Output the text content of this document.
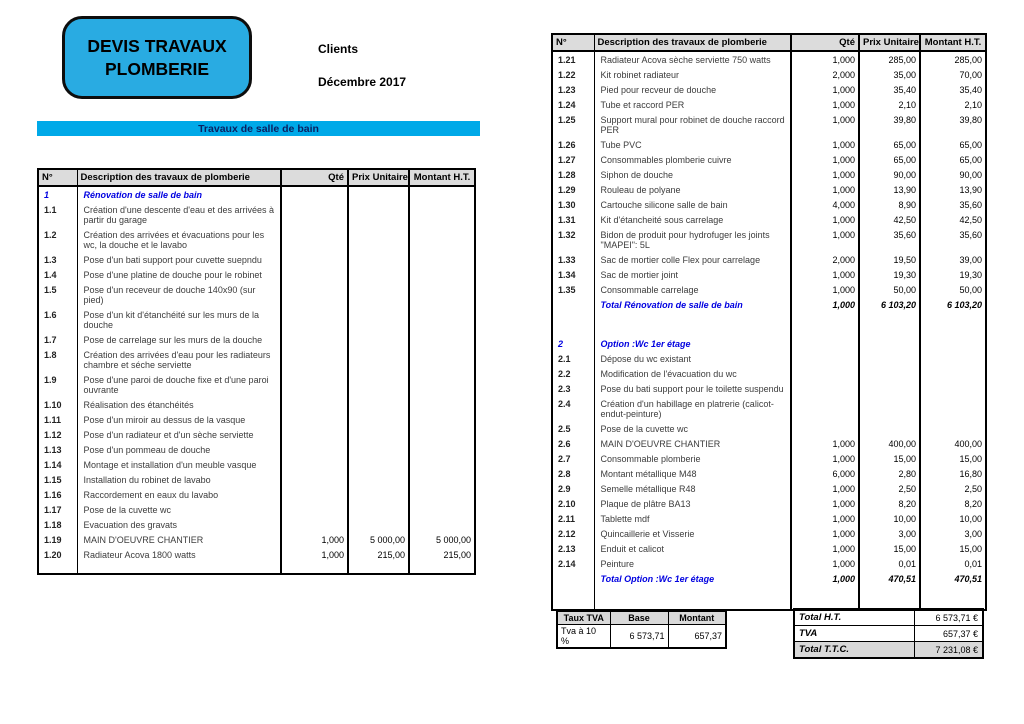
DEVIS TRAVAUX
PLOMBERIE
Clients
Décembre 2017
Travaux de salle de bain
N°	Description des travaux de plomberie	Qté	Prix Unitaire	Montant H.T.
1	Rénovation de salle de bain			
1.1	Création d'une descente d'eau et des arrivées à partir du garage			
1.2	Création des arrivées et évacuations pour les wc, la douche et le lavabo			
1.3	Pose d'un bati support pour cuvette suepndu			
1.4	Pose d'une platine de douche pour le robinet			
1.5	Pose d'un receveur de douche 140x90 (sur pied)			
1.6	Pose d'un kit d'étanchéité sur les murs de la douche			
1.7	Pose de carrelage sur les murs de la douche			
1.8	Création des arrivées d'eau pour les radiateurs chambre et séche serviette			
1.9	Pose d'une paroi de douche fixe et d'une paroi ouvrante			
1.10	Réalisation des étanchéités			
1.11	Pose d'un miroir au dessus de la vasque			
1.12	Pose d'un radiateur et d'un sèche serviette			
1.13	Pose d'un pommeau de douche			
1.14	Montage et installation d'un meuble vasque			
1.15	Installation du robinet de lavabo			
1.16	Raccordement en eaux du lavabo			
1.17	Pose de la cuvette wc			
1.18	Evacuation des gravats			
1.19	MAIN D'OEUVRE CHANTIER	1,000	5 000,00	5 000,00
1.20	Radiateur Acova 1800 watts	1,000	215,00	215,00

N°	Description des travaux de plomberie	Qté	Prix Unitaire	Montant H.T.
1.21	Radiateur Acova sèche serviette 750 watts	1,000	285,00	285,00
1.22	Kit robinet radiateur	2,000	35,00	70,00
1.23	Pied pour recveur de douche	1,000	35,40	35,40
1.24	Tube et raccord PER	1,000	2,10	2,10
1.25	Support mural pour robinet de douche raccord PER	1,000	39,80	39,80
1.26	Tube PVC	1,000	65,00	65,00
1.27	Consommables plomberie cuivre	1,000	65,00	65,00
1.28	Siphon de douche	1,000	90,00	90,00
1.29	Rouleau de polyane	1,000	13,90	13,90
1.30	Cartouche silicone salle de bain	4,000	8,90	35,60
1.31	Kit d'étancheité sous carrelage	1,000	42,50	42,50
1.32	Bidon de produit pour hydrofuger les joints "MAPEI": 5L	1,000	35,60	35,60
1.33	Sac de mortier colle Flex pour carrelage	2,000	19,50	39,00
1.34	Sac de mortier joint	1,000	19,30	19,30
1.35	Consommable carrelage	1,000	50,00	50,00
	Total Rénovation de salle de bain	1,000	6 103,20	6 103,20

2	Option :Wc 1er étage			
2.1	Dépose du wc existant			
2.2	Modification de l'évacuation du wc			
2.3	Pose du bati support pour le toilette suspendu			
2.4	Création d'un habillage en platrerie (calicot- endut-peinture)			
2.5	Pose de la cuvette wc			
2.6	MAIN D'OEUVRE CHANTIER	1,000	400,00	400,00
2.7	Consommable plomberie	1,000	15,00	15,00
2.8	Montant métallique M48	6,000	2,80	16,80
2.9	Semelle métallique R48	1,000	2,50	2,50
2.10	Plaque de plâtre BA13	1,000	8,20	8,20
2.11	Tablette mdf	1,000	10,00	10,00
2.12	Quincaillerie et Visserie	1,000	3,00	3,00
2.13	Enduit et calicot	1,000	15,00	15,00
2.14	Peinture	1,000	0,01	0,01
	Total Option :Wc 1er étage	1,000	470,51	470,51

Taux TVA	Base	Montant
Tva à 10 %	6 573,71	657,37
Total H.T.	6 573,71 €
TVA	657,37 €
Total T.T.C.	7 231,08 €
